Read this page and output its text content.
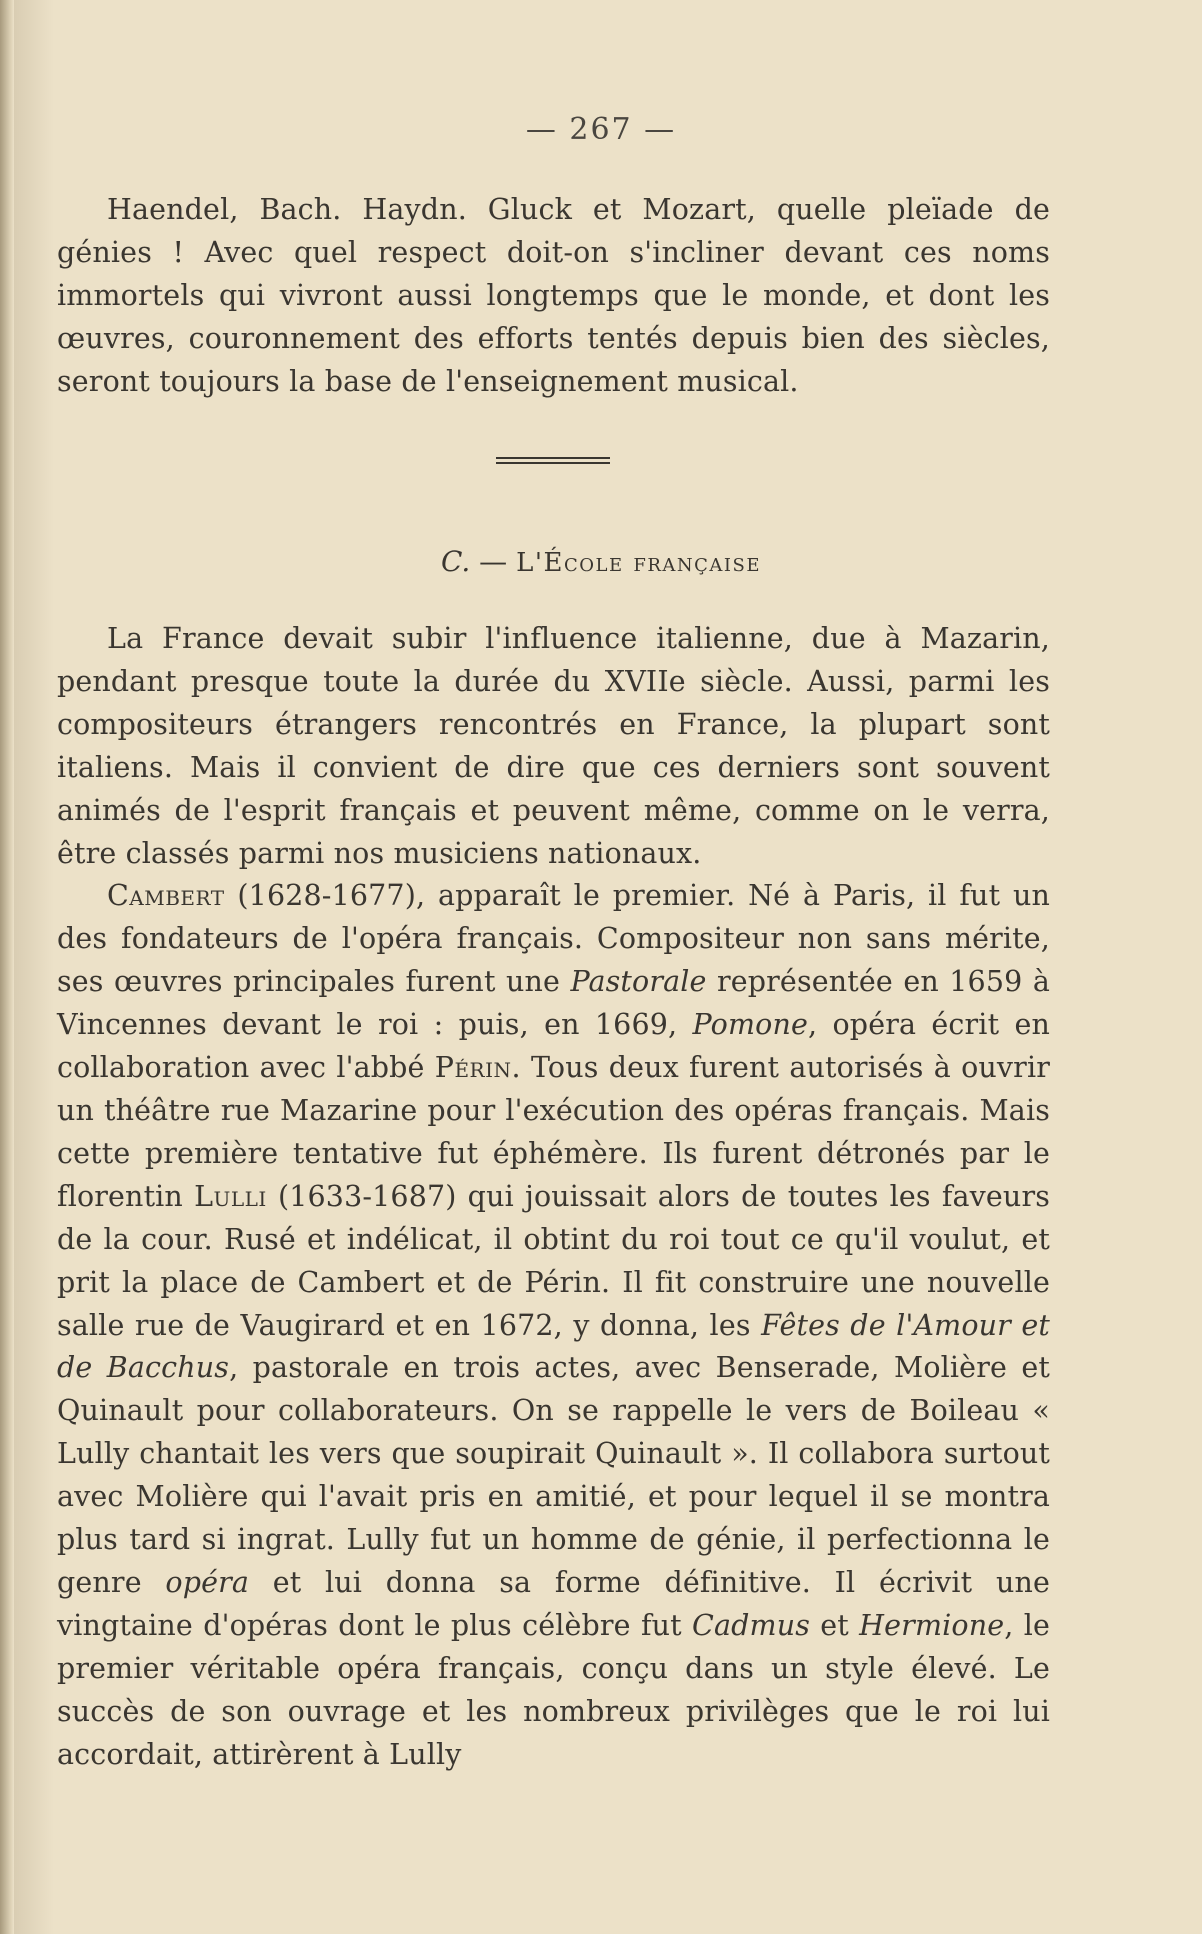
— 267 —

Haendel, Bach. Haydn. Gluck et Mozart, quelle pleïade de génies ! Avec quel respect doit-on s'incliner devant ces noms immortels qui vivront aussi longtemps que le monde, et dont les œuvres, couronnement des efforts tentés depuis bien des siècles, seront toujours la base de l'enseignement musical.

C. — L'École française

La France devait subir l'influence italienne, due à Mazarin, pendant presque toute la durée du XVIIe siècle. Aussi, parmi les compositeurs étrangers rencontrés en France, la plupart sont italiens. Mais il convient de dire que ces derniers sont souvent animés de l'esprit français et peuvent même, comme on le verra, être classés parmi nos musiciens nationaux.

Cambert (1628-1677), apparaît le premier. Né à Paris, il fut un des fondateurs de l'opéra français. Compositeur non sans mérite, ses œuvres principales furent une Pastorale représentée en 1659 à Vincennes devant le roi : puis, en 1669, Pomone, opéra écrit en collaboration avec l'abbé Périn. Tous deux furent autorisés à ouvrir un théâtre rue Mazarine pour l'exécution des opéras français. Mais cette première tentative fut éphémère. Ils furent détronés par le florentin Lulli (1633-1687) qui jouissait alors de toutes les faveurs de la cour. Rusé et indélicat, il obtint du roi tout ce qu'il voulut, et prit la place de Cambert et de Périn. Il fit construire une nouvelle salle rue de Vaugirard et en 1672, y donna, les Fêtes de l'Amour et de Bacchus, pastorale en trois actes, avec Benserade, Molière et Quinault pour collaborateurs. On se rappelle le vers de Boileau « Lully chantait les vers que soupirait Quinault ». Il collabora surtout avec Molière qui l'avait pris en amitié, et pour lequel il se montra plus tard si ingrat. Lully fut un homme de génie, il perfectionna le genre opéra et lui donna sa forme définitive. Il écrivit une vingtaine d'opéras dont le plus célèbre fut Cadmus et Hermione, le premier véritable opéra français, conçu dans un style élevé. Le succès de son ouvrage et les nombreux privilèges que le roi lui accordait, attirèrent à Lully
